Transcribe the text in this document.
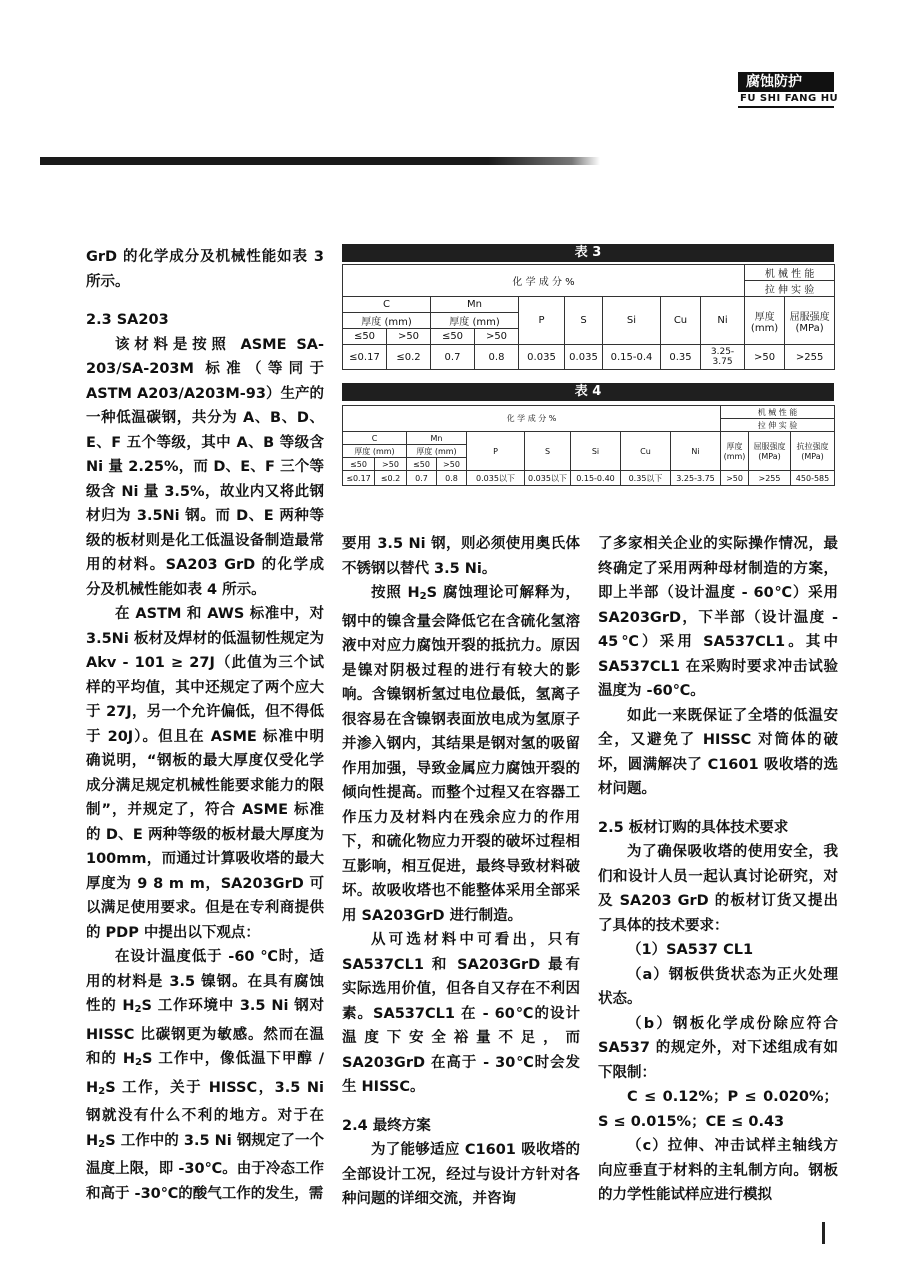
腐蚀防护
FU SHI FANG HU

GrD 的化学成分及机械性能如表 3 所示。

2.3 SA203

该材料是按照 ASME SA-203/SA-203M 标准（等同于 ASTM A203/A203M-93）生产的一种低温碳钢，共分为 A、B、D、E、F 五个等级，其中 A、B 等级含 Ni 量 2.25%，而 D、E、F 三个等级含 Ni 量 3.5%，故业内又将此钢材归为 3.5Ni 钢。而 D、E 两种等级的板材则是化工低温设备制造最常用的材料。SA203 GrD 的化学成分及机械性能如表 4 所示。

在 ASTM 和 AWS 标准中，对 3.5Ni 板材及焊材的低温韧性规定为 Akv - 101 ≥ 27J（此值为三个试样的平均值，其中还规定了两个应大于 27J，另一个允许偏低，但不得低于 20J）。但且在 ASME 标准中明确说明，“钢板的最大厚度仅受化学成分满足规定机械性能要求能力的限制”，并规定了，符合 ASME 标准的 D、E 两种等级的板材最大厚度为 100mm，而通过计算吸收塔的最大厚度为 9 8 m m，SA203GrD 可以满足使用要求。但是在专利商提供的 PDP 中提出以下观点：

在设计温度低于 -60 ℃时，适用的材料是 3.5 镍钢。在具有腐蚀性的 H2S 工作环境中 3.5 Ni 钢对 HISSC 比碳钢更为敏感。然而在温和的 H2S 工作中，像低温下甲醇 / H2S 工作，关于 HISSC，3.5 Ni 钢就没有什么不利的地方。对于在 H2S 工作中的 3.5 Ni 钢规定了一个温度上限，即 -30℃。由于冷态工作和高于 -30℃的酸气工作的发生，需

表 3
化 学 成 分 %									机 械 性 能	
									拉 伸 实 验	
C		Mn		P	S	Si	Cu	Ni	厚度 (mm)	屈服强度 (MPa)
厚度 (mm)		厚度 (mm)								
≤50	>50	≤50	>50							
≤0.17	≤0.2	0.7	0.8	0.035	0.035	0.15-0.4	0.35	3.25-3.75	>50	>255
表 4
化 学 成 分 %									机 械 性 能		
									拉 伸 实 验		
C		Mn		P	S	Si	Cu	Ni	厚度 (mm)	屈服强度 (MPa)	抗拉强度 (MPa)
厚度 (mm)		厚度 (mm)									
≤50	>50	≤50	>50								
≤0.17	≤0.2	0.7	0.8	0.035以下	0.035以下	0.15-0.40	0.35以下	3.25-3.75	>50	>255	450-585

要用 3.5 Ni 钢，则必须使用奥氏体不锈钢以替代 3.5 Ni。

按照 H2S 腐蚀理论可解释为，钢中的镍含量会降低它在含硫化氢溶液中对应力腐蚀开裂的抵抗力。原因是镍对阴极过程的进行有较大的影响。含镍钢析氢过电位最低，氢离子很容易在含镍钢表面放电成为氢原子并渗入钢内，其结果是钢对氢的吸留作用加强，导致金属应力腐蚀开裂的倾向性提高。而整个过程又在容器工作压力及材料内在残余应力的作用下，和硫化物应力开裂的破坏过程相互影响，相互促进，最终导致材料破坏。故吸收塔也不能整体采用全部采用 SA203GrD 进行制造。

从可选材料中可看出，只有 SA537CL1 和 SA203GrD 最有实际选用价值，但各自又存在不利因素。SA537CL1 在 - 60℃的设计温度下安全裕量不足，而 SA203GrD 在高于 - 30℃时会发生 HISSC。

2.4 最终方案

为了能够适应 C1601 吸收塔的全部设计工况，经过与设计方针对各种问题的详细交流，并咨询

了多家相关企业的实际操作情况，最终确定了采用两种母材制造的方案，即上半部（设计温度 - 60℃）采用 SA203GrD，下半部（设计温度 - 45℃）采用 SA537CL1。其中 SA537CL1 在采购时要求冲击试验温度为 -60℃。

如此一来既保证了全塔的低温安全，又避免了 HISSC 对筒体的破坏，圆满解决了 C1601 吸收塔的选材问题。

2.5 板材订购的具体技术要求

为了确保吸收塔的使用安全，我们和设计人员一起认真讨论研究，对及 SA203 GrD 的板材订货又提出了具体的技术要求：

（1）SA537 CL1

（a）钢板供货状态为正火处理状态。

（b）钢板化学成份除应符合 SA537 的规定外，对下述组成有如下限制：

C ≤ 0.12%；P ≤ 0.020%；S ≤ 0.015%；CE ≤ 0.43

（c）拉伸、冲击试样主轴线方向应垂直于材料的主轧制方向。钢板的力学性能试样应进行模拟
